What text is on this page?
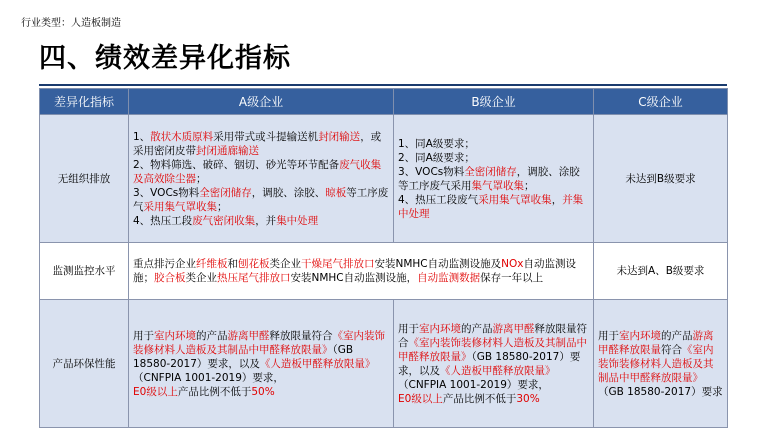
行业类型：人造板制造
四、绩效差异化指标
差异化指标	A级企业	B级企业	C级企业
无组织排放	1、散状木质原料采用带式或斗提输送机封闭输送，或采用密闭皮带封闭通廊输送
2、物料筛选、破碎、铟切、砂光等环节配备废气收集及高效除尘器；
3、VOCs物料全密闭储存，调胶、涂胶、晾板等工序废气采用集气罩收集；
4、热压工段废气密闭收集，并集中处理	1、同A级要求；
2、同A级要求；
3、VOCs物料全密闭储存，调胶、涂胶等工序废气采用集气罩收集；
4、热压工段废气采用集气罩收集，并集中处理	未达到B级要求
监测监控水平	重点排污企业纤维板和刨花板类企业干燥尾气排放口安装NMHC自动监测设施及NOx自动监测设施；胶合板类企业热压尾气排放口安装NMHC自动监测设施，自动监测数据保存一年以上		未达到A、B级要求
产品环保性能	用于室内环境的产品游离甲醛释放限量符合《室内装饰装修材料人造板及其制品中甲醛释放限量》（GB 18580-2017）要求，以及《人造板甲醛释放限量》（CNFPIA 1001-2019）要求，
E0级以上产品比例不低于50%	用于室内环境的产品游离甲醛释放限量符合《室内装饰装修材料人造板及其制品中甲醛释放限量》（GB 18580-2017）要求，以及《人造板甲醛释放限量》（CNFPIA 1001-2019）要求，
E0级以上产品比例不低于30%	用于室内环境的产品游离甲醛释放限量符合《室内装饰装修材料人造板及其制品中甲醛释放限量》（GB 18580-2017）要求
